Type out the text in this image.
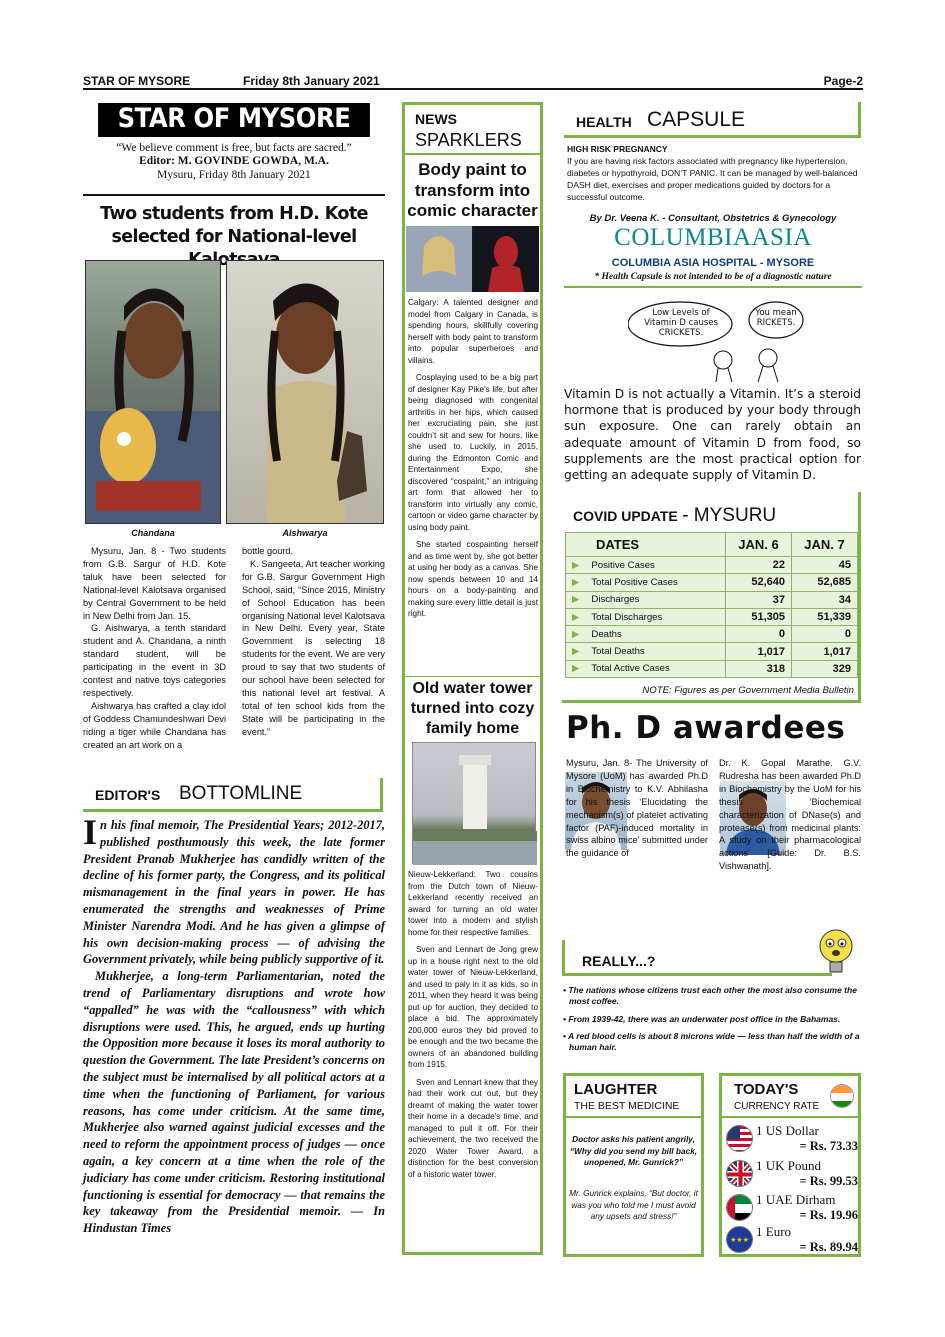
STAR OF MYSORE	Friday 8th January 2021	Page-2
STAR OF MYSORE
“We believe comment is free, but facts are sacred.”
Editor: M. GOVINDE GOWDA, M.A.
Mysuru, Friday 8th January 2021
Two students from H.D. Kote selected for National-level
Chandana	Aishwarya

Mysuru, Jan. 8 - Two students from G.B. Sargur of H.D. Kote taluk have been selected for National-level Kalotsava organised by Central Government to be held in New Delhi from Jan. 15.

G. Aishwarya, a tenth standard student and A. Chandana, a ninth standard student, will be participating in the event in 3D contest and native toys categories respectively.

Aishwarya has crafted a clay idol of Goddess Chamundeshwari Devi riding a tiger while Chandana has created an art work on a

bottle gourd.

K. Sangeeta, Art teacher working for G.B. Sargur Government High School, said, “Since 2015, Ministry of School Education has been organising National level Kalotsava in New Delhi. Every year, State Government is selecting 18 students for the event. We are very proud to say that two students of our school have been selected for this national level art festival. A total of ten school kids from the State will be participating in the event.”

EDITOR'S BOTTOMLINE

In his final memoir, The Presidential Years; 2012-2017, published posthumously this week, the late former President Pranab Mukherjee has candidly written of the decline of his former party, the Congress, and its political mismanagement in the final years in power. He has enumerated the strengths and weaknesses of Prime Minister Narendra Modi. And he has given a glimpse of his own decision-making process — of advising the Government privately, while being publicly supportive of it.

Mukherjee, a long-term Parliamentarian, noted the trend of Parliamentary disruptions and wrote how “appalled” he was with the “callousness” with which disruptions were used. This, he argued, ends up hurting the Opposition more because it loses its moral authority to question the Government. The late President’s concerns on the subject must be internalised by all political actors at a time when the functioning of Parliament, for various reasons, has come under criticism. At the same time, Mukherjee also warned against judicial excesses and the need to reform the appointment process of judges — once again, a key concern at a time when the role of the judiciary has come under criticism. Restoring institutional functioning is essential for democracy — that remains the key takeaway from the Presidential memoir. — In Hindustan Times

NEWS
SPARKLERS
Body paint to transform into comic character

Calgary: A talented designer and model from Calgary in Canada, is spending hours, skillfully covering herself with body paint to transform into popular superheroes and villains.

Cosplaying used to be a big part of designer Kay Pike’s life, but after being diagnosed with congenital arthritis in her hips, which caused her excruciating pain, she just couldn’t sit and sew for hours, like she used to. Luckily, in 2015, during the Edmonton Comic and Entertainment Expo, she discovered “cospaint,” an intriguing art form that allowed her to transform into virtually any comic, cartoon or video game character by using body paint.

She started cospainting herself and as time went by, she got better at using her body as a canvas. She now spends between 10 and 14 hours on a body-painting and making sure every little detail is just right.

Old water tower turned into cozy family home

Nieuw-Lekkerland: Two cousins from the Dutch town of Nieuw-Lekkerland recently received an award for turning an old water tower into a modern and stylish home for their respective families.

Sven and Lennart de Jong grew up in a house right next to the old water tower of Nieuw-Lekkerland, and used to paly in it as kids, so in 2011, when they heard it was being put up for auction, they decided to place a bid. The approximately 200,000 euros they bid proved to be enough and the two became the owners of an abandoned building from 1915.

Sven and Lennart knew that they had their work cut out, but they dreamt of making the water tower their home in a decade’s time, and managed to pull it off. For their achievement, the two received the 2020 Water Tower Award, a distinction for the best conversion of a historic water tower.

HEALTH CAPSULE
HIGH RISK PREGNANCY
If you are having risk factors associated with pregnancy like hypertension, diabetes or hypothyroid, DON’T PANIC. It can be managed by well-balanced DASH diet, exercises and proper medications guided by doctors for a successful outcome.
By Dr. Veena K. - Consultant, Obstetrics & Gynecology
COLUMBIAASIA
COLUMBIA ASIA HOSPITAL - MYSORE
* Health Capsule is not intended to be of a diagnostic nature
Low Levels of Vitamin D causes CRICKETS.
You mean RICKETS.
Vitamin D is not actually a Vitamin. It’s a steroid hormone that is produced by your body through sun exposure. One can rarely obtain an adequate amount of Vitamin D from food, so supplements are the most practical option for getting an adequate supply of Vitamin D.
COVID UPDATE - MYSURU
DATES	JAN. 6	JAN. 7
▶ Positive Cases	22	45
▶ Total Positive Cases	52,640	52,685
▶ Discharges	37	34
▶ Total Discharges	51,305	51,339
▶ Deaths	0	0
▶ Total Deaths	1,017	1,017
▶ Total Active Cases	318	329
NOTE: Figures as per Government Media Bulletin
Ph. D awardees
Mysuru, Jan. 8- The University of Mysore (UoM) has awarded Ph.D in Biochemistry to K.V. Abhilasha for his thesis ‘Elucidating the mechanism(s) of platelet activating factor (PAF)-induced mortality in swiss albino mice’ submitted under the guidance of
Dr. K. Gopal Marathe. G.V. Rudresha has been awarded Ph.D in Biochemistry by the UoM for his thesis ‘Biochemical characterization of DNase(s) and protease(s) from medicinal plants: A study on their pharmacological actions’ [Guide: Dr. B.S. Vishwanath].
REALLY...?

• The nations whose citizens trust each other the most also consume the most coffee.

• From 1939-42, there was an underwater post office in the Bahamas.

• A red blood cells is about 8 microns wide — less than half the width of a human hair.

LAUGHTER
THE BEST MEDICINE
Doctor asks his patient angrily, “Why did you send my bill back, unopened, Mr. Gunrick?”
Mr. Gunrick explains, “But doctor, it was you who told me I must avoid any upsets and stress!”
TODAY'S
CURRENCY RATE
1 US Dollar
= Rs. 73.33
1 UK Pound
= Rs. 99.53
1 UAE Dirham
= Rs. 19.96
★★★
1 Euro
= Rs. 89.94
